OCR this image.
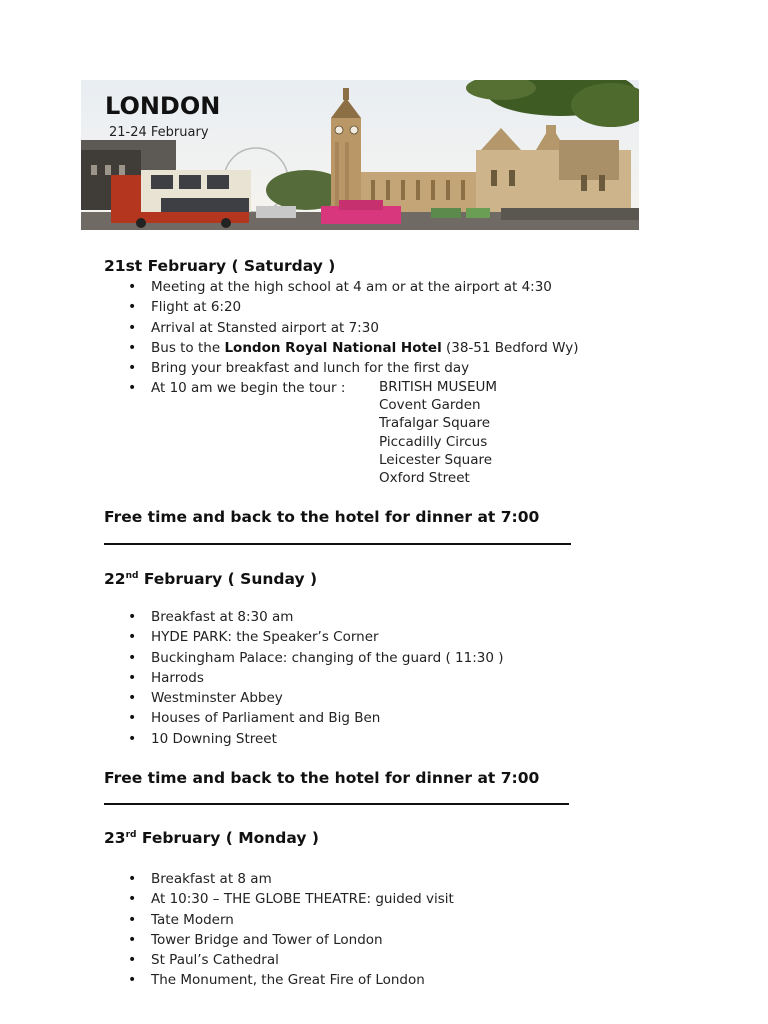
LONDON
21-24 February
21st February ( Saturday )
• Meeting at the high school at 4 am or at the airport at 4:30
• Flight at 6:20
• Arrival at Stansted airport at 7:30
• Bus to the London Royal National Hotel (38-51 Bedford Wy)
• Bring your breakfast and lunch for the first day
• At 10 am we begin the tour :	BRITISH MUSEUM
Covent Garden
Trafalgar Square
Piccadilly Circus
Leicester Square
Oxford Street
Free time and back to the hotel for dinner at 7:00
22nd February ( Sunday )
• Breakfast at 8:30 am
• HYDE PARK: the Speaker’s Corner
• Buckingham Palace: changing of the guard ( 11:30 )
• Harrods
• Westminster Abbey
• Houses of Parliament and Big Ben
• 10 Downing Street
Free time and back to the hotel for dinner at 7:00
23rd February ( Monday )
• Breakfast at 8 am
• At 10:30 – THE GLOBE THEATRE: guided visit
• Tate Modern
• Tower Bridge and Tower of London
• St Paul’s Cathedral
• The Monument, the Great Fire of London
